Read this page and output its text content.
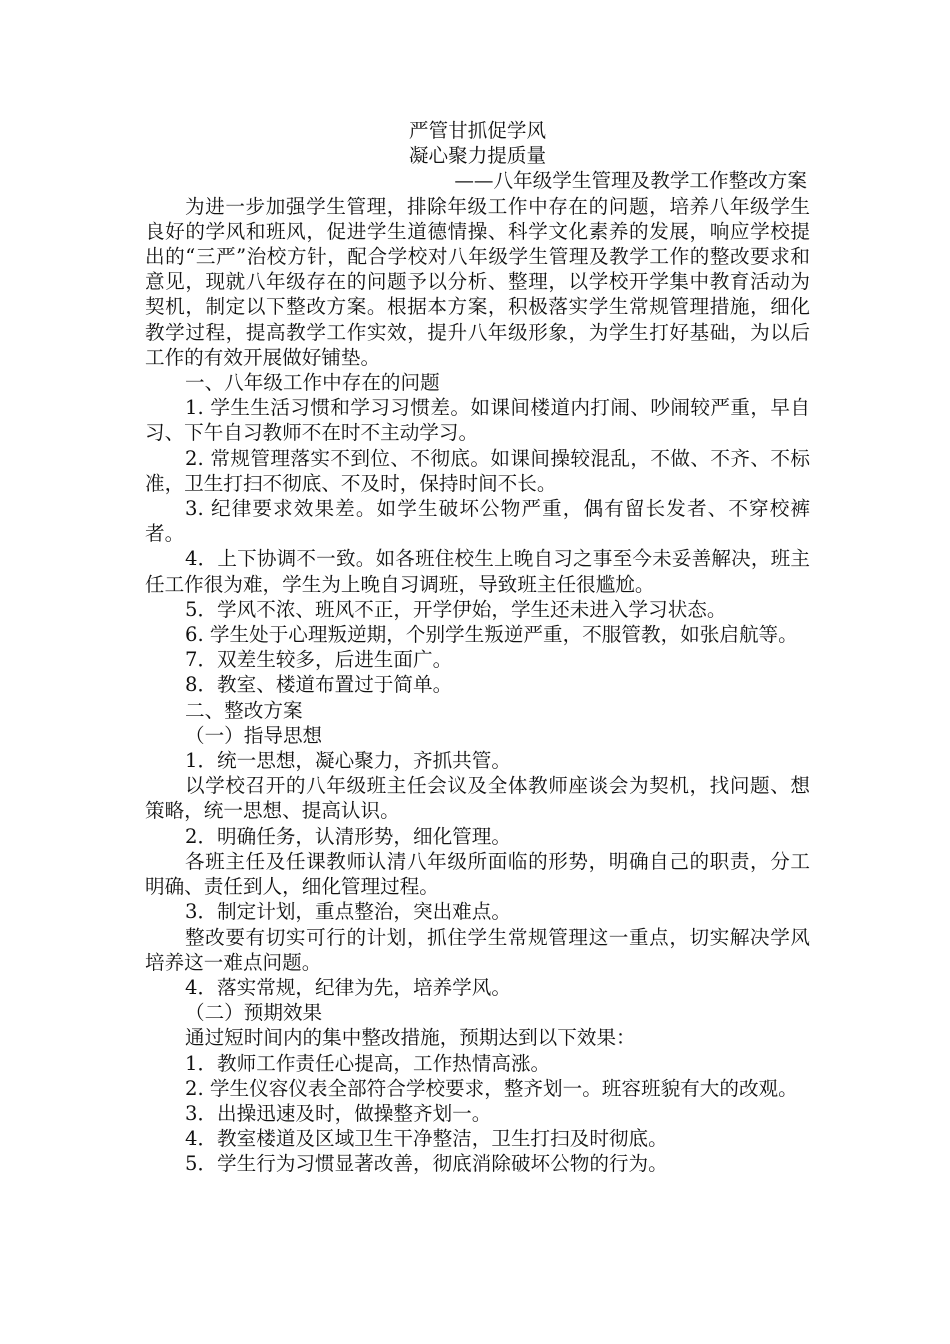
严管甘抓促学风
凝心聚力提质量
——八年级学生管理及教学工作整改方案

为进一步加强学生管理，排除年级工作中存在的问题，培养八年级学生良好的学风和班风，促进学生道德情操、科学文化素养的发展，响应学校提出的“三严”治校方针，配合学校对八年级学生管理及教学工作的整改要求和意见，现就八年级存在的问题予以分析、整理，以学校开学集中教育活动为契机，制定以下整改方案。根据本方案，积极落实学生常规管理措施，细化教学过程，提高教学工作实效，提升八年级形象，为学生打好基础，为以后工作的有效开展做好铺垫。

一、八年级工作中存在的问题

1. 学生生活习惯和学习习惯差。如课间楼道内打闹、吵闹较严重，早自习、下午自习教师不在时不主动学习。

2. 常规管理落实不到位、不彻底。如课间操较混乱，不做、不齐、不标准，卫生打扫不彻底、不及时，保持时间不长。

3. 纪律要求效果差。如学生破坏公物严重，偶有留长发者、不穿校裤者。

4．上下协调不一致。如各班住校生上晚自习之事至今未妥善解决，班主任工作很为难，学生为上晚自习调班，导致班主任很尴尬。

5．学风不浓、班风不正，开学伊始，学生还未进入学习状态。

6. 学生处于心理叛逆期，个别学生叛逆严重，不服管教，如张启航等。

7．双差生较多，后进生面广。

8．教室、楼道布置过于简单。

二、整改方案

（一）指导思想

1．统一思想，凝心聚力，齐抓共管。

以学校召开的八年级班主任会议及全体教师座谈会为契机，找问题、想策略，统一思想、提高认识。

2．明确任务，认清形势，细化管理。

各班主任及任课教师认清八年级所面临的形势，明确自己的职责，分工明确、责任到人，细化管理过程。

3．制定计划，重点整治，突出难点。

整改要有切实可行的计划，抓住学生常规管理这一重点，切实解决学风培养这一难点问题。

4．落实常规，纪律为先，培养学风。

（二）预期效果

通过短时间内的集中整改措施，预期达到以下效果：

1．教师工作责任心提高，工作热情高涨。

2. 学生仪容仪表全部符合学校要求，整齐划一。班容班貌有大的改观。

3．出操迅速及时，做操整齐划一。

4．教室楼道及区域卫生干净整洁，卫生打扫及时彻底。

5．学生行为习惯显著改善，彻底消除破坏公物的行为。
